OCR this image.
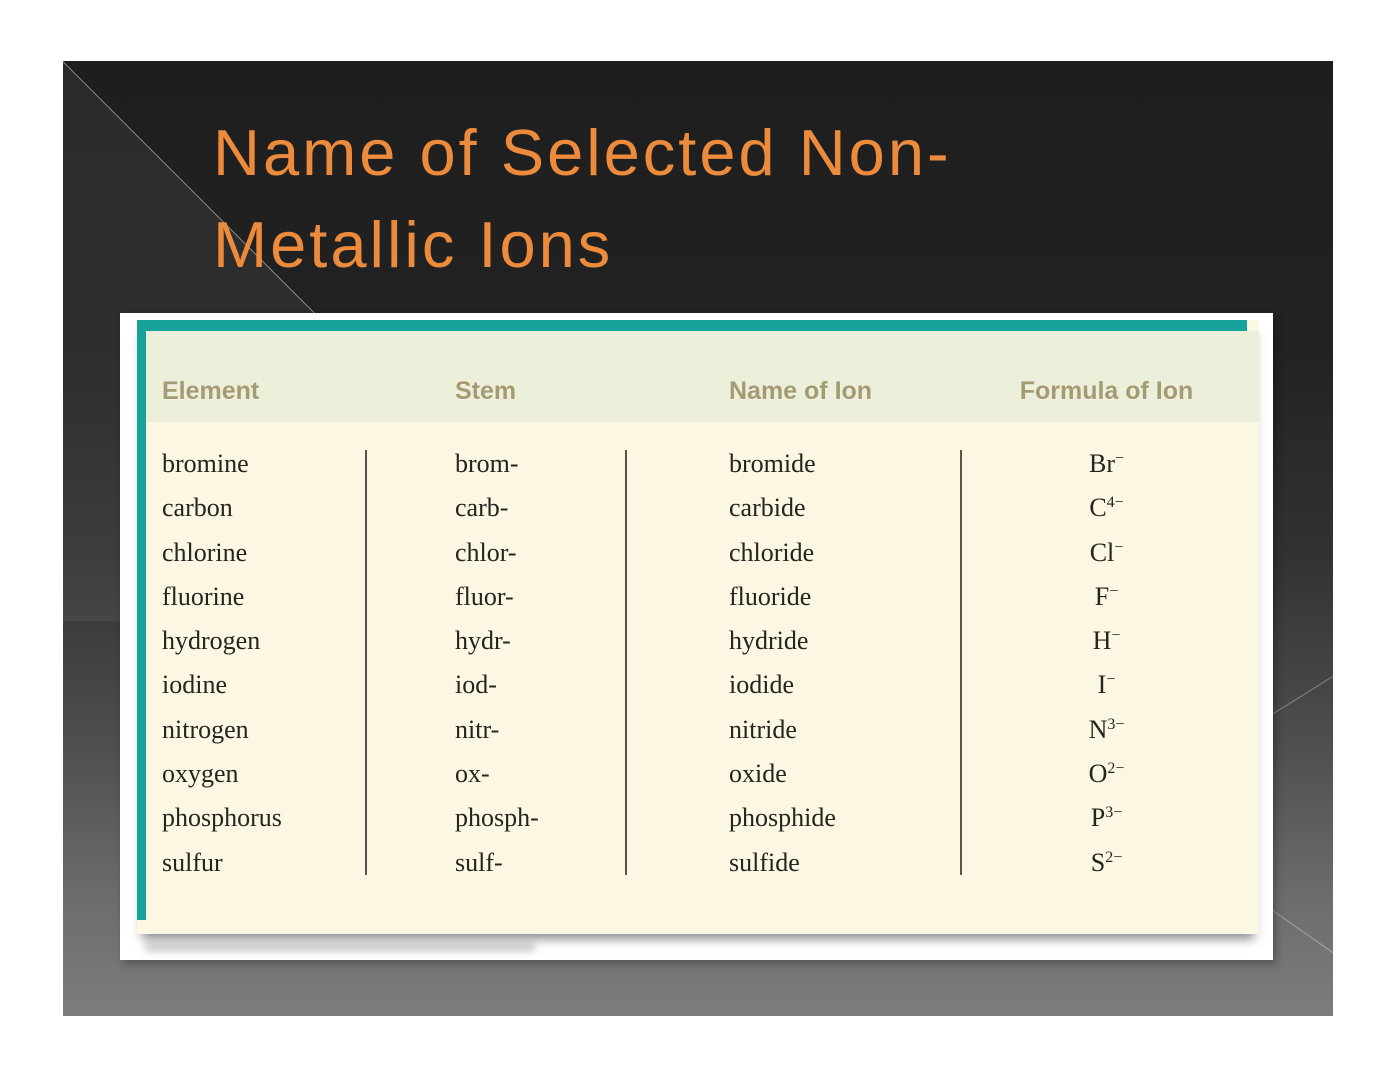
Name of Selected Non-
Metallic Ions
Element	Stem	Name of Ion	Formula of Ion
bromine	brom-	bromide	Br−
carbon	carb-	carbide	$C^{4-}$
chlorine	chlor-	chloride	Cl−
fluorine	fluor-	fluoride	F−
hydrogen	hydr-	hydride	H−
iodine	iod-	iodide	I−
nitrogen	nitr-	nitride	$N^{3-}$
oxygen	ox-	oxide	$O^{2-}$
phosphorus	phosph-	phosphide	$P^{3-}$
sulfur	sulf-	sulfide	$S^{2-}$
